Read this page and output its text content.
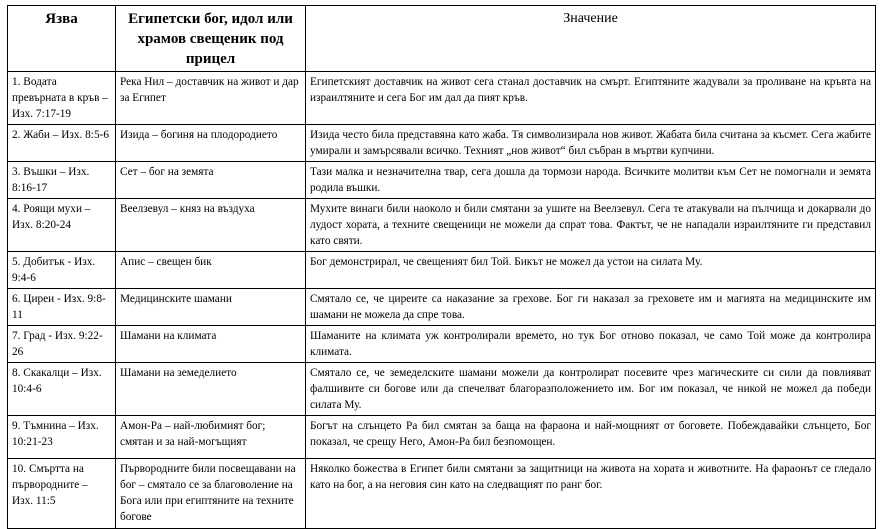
Язва	Египетски бог, идол или храмов свещеник под прицел	Значение
1. Водата превърната в кръв – Изх. 7:17-19	Река Нил – доставчик на живот и дар за Египет	Египетският доставчик на живот сега станал доставчик на смърт. Египтяните жадували за проливане на кръвта на израилтяните и сега Бог им дал да пият кръв.
2. Жаби – Изх. 8:5-6	Изида – богиня на плодородието	Изида често била представяна като жаба. Тя символизирала нов живот. Жабата била считана за късмет. Сега жабите умирали и замърсявали всичко. Техният „нов живот“ бил събран в мъртви купчини.
3. Въшки – Изх. 8:16-17	Сет – бог на земята	Тази малка и незначителна твар, сега дошла да тормози народа. Всичките молитви към Сет не помогнали и земята родила въшки.
4. Роящи мухи – Изх. 8:20-24	Веелзевул – княз на въздуха	Мухите винаги били наоколо и били смятани за ушите на Веелзевул. Сега те атакували на пълчища и докарвали до лудост хората, а техните свещеници не можели да спрат това. Фактът, че не нападали израилтяните ги представил като святи.
5. Добитък - Изх. 9:4-6	Апис – свещен бик	Бог демонстрирал, че свещеният бил Той. Бикът не можел да устои на силата Му.
6. Циреи - Изх. 9:8-11	Медицинските шамани	Смятало се, че циреите са наказание за грехове. Бог ги наказал за греховете им и магията на медицинските им шамани не можела да спре това.
7. Град - Изх. 9:22-26	Шамани на климата	Шаманите на климата уж контролирали времето, но тук Бог отново показал, че само Той може да контролира климата.
8. Скакалци – Изх. 10:4-6	Шамани на земеделието	Смятало се, че земеделските шамани можели да контролират посевите чрез магическите си сили да повлияват фалшивите си богове или да спечелват благоразположението им. Бог им показал, че никой не можел да победи силата Му.
9. Тъмнина – Изх. 10:21-23	Амон-Ра – най-любимият бог; смятан и за най-могъщият	Богът на слънцето Ра бил смятан за баща на фараона и най-мощният от боговете. Побеждавайки слънцето, Бог показал, че срещу Него, Амон-Ра бил безпомощен.
10. Смъртта на първородните – Изх. 11:5	Първородните били посвещавани на бог – смятало се за благоволение на Бога или при египтяните на техните богове	Няколко божества в Египет били смятани за защитници на живота на хората и животните. На фараонът се гледало като на бог, а на неговия син като на следващият по ранг бог.
